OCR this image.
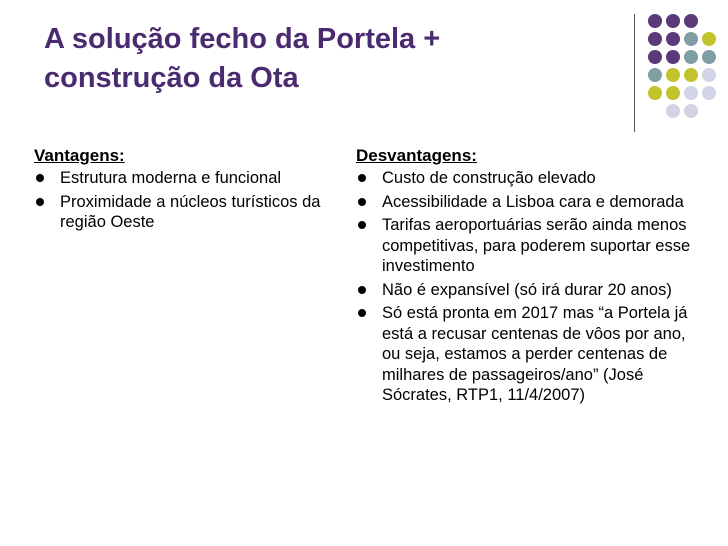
A solução fecho da Portela +
construção da Ota

Vantagens:

Estrutura moderna e funcional
Proximidade a núcleos turísticos da região Oeste

Desvantagens:

Custo de construção elevado
Acessibilidade a Lisboa cara e demorada
Tarifas aeroportuárias serão ainda menos competitivas, para poderem suportar esse investimento
Não é expansível (só irá durar 20 anos)
Só está pronta em 2017 mas “a Portela já está a recusar centenas de vôos por ano, ou seja, estamos a perder centenas de milhares de passageiros/ano” (José Sócrates, RTP1, 11/4/2007)
